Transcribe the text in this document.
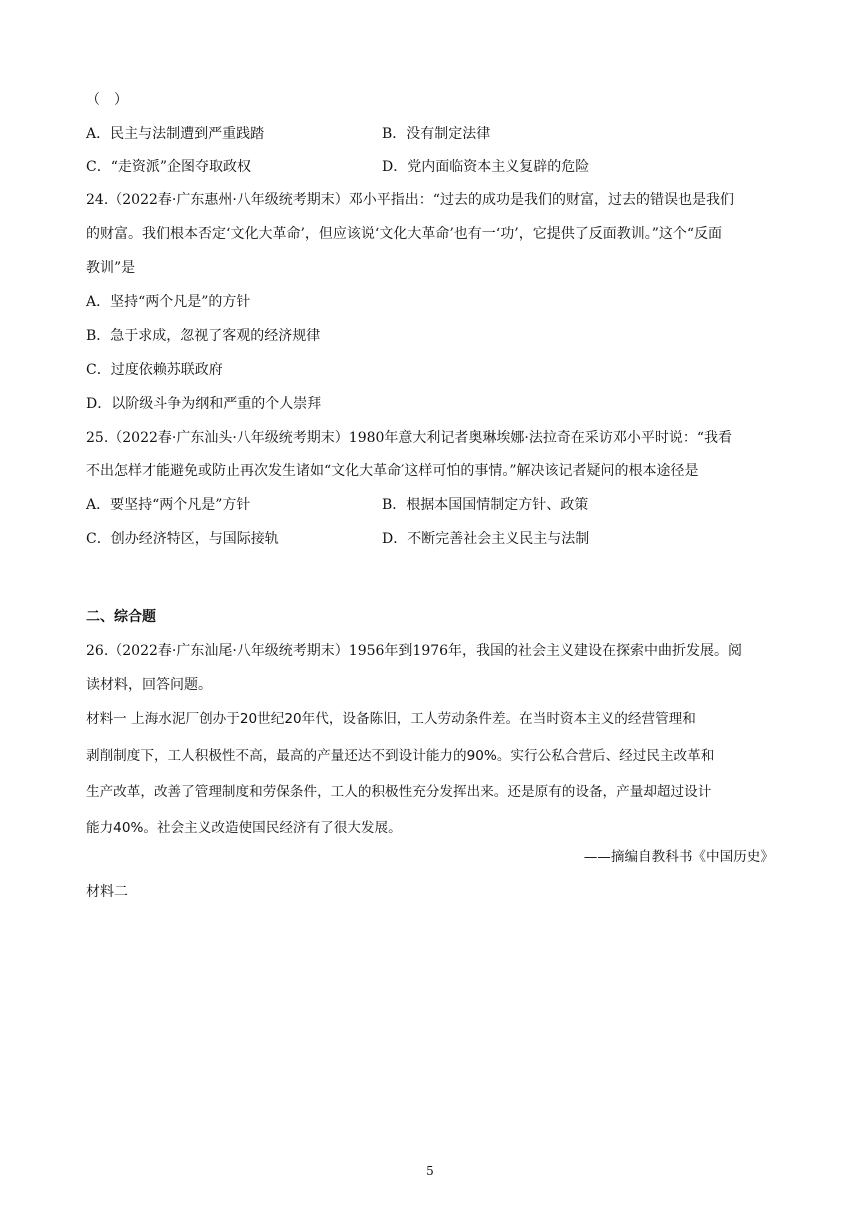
（　）
A．民主与法制遭到严重践踏	B．没有制定法律
C．“走资派”企图夺取政权	D．党内面临资本主义复辟的危险
24.（2022春·广东惠州·八年级统考期末）邓小平指出：“过去的成功是我们的财富，过去的错误也是我们
的财富。我们根本否定‘文化大革命’，但应该说‘文化大革命’也有一‘功’，它提供了反面教训。”这个“反面
教训”是
A．坚持“两个凡是”的方针
B．急于求成，忽视了客观的经济规律
C．过度依赖苏联政府
D．以阶级斗争为纲和严重的个人崇拜
25.（2022春·广东汕头·八年级统考期末）1980年意大利记者奥琳埃娜·法拉奇在采访邓小平时说：“我看
不出怎样才能避免或防止再次发生诸如“文化大革命′这样可怕的事情。”解决该记者疑问的根本途径是
A．要坚持“两个凡是”方针	B．根据本国国情制定方针、政策
C．创办经济特区，与国际接轨	D．不断完善社会主义民主与法制
二、综合题
26.（2022春·广东汕尾·八年级统考期末）1956年到1976年，我国的社会主义建设在探索中曲折发展。阅
读材料，回答问题。
材料一 上海水泥厂创办于20世纪20年代，设备陈旧，工人劳动条件差。在当时资本主义的经营管理和
剥削制度下，工人积极性不高，最高的产量还达不到设计能力的90%。实行公私合营后、经过民主改革和
生产改革，改善了管理制度和劳保条件，工人的积极性充分发挥出来。还是原有的设备，产量却超过设计
能力40%。社会主义改造使国民经济有了很大发展。
——摘编自教科书《中国历史》
材料二
5
